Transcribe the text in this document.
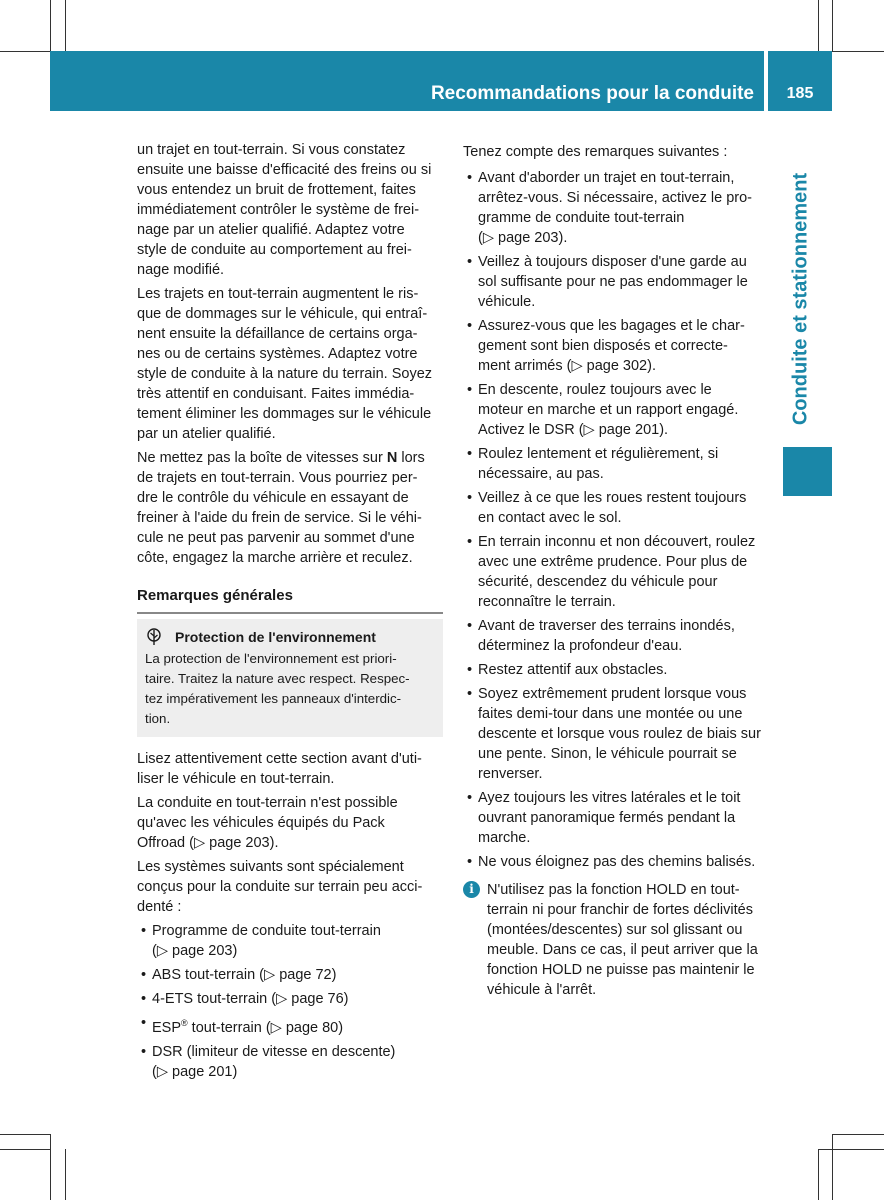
Recommandations pour la conduite	185
Conduite et stationnement

un trajet en tout-terrain. Si vous constatez
ensuite une baisse d'efficacité des freins ou si
vous entendez un bruit de frottement, faites
immédiatement contrôler le système de frei-
nage par un atelier qualifié. Adaptez votre
style de conduite au comportement au frei-
nage modifié.

Les trajets en tout-terrain augmentent le ris-
que de dommages sur le véhicule, qui entraî-
nent ensuite la défaillance de certains orga-
nes ou de certains systèmes. Adaptez votre
style de conduite à la nature du terrain. Soyez
très attentif en conduisant. Faites immédia-
tement éliminer les dommages sur le véhicule
par un atelier qualifié.

Ne mettez pas la boîte de vitesses sur N lors
de trajets en tout-terrain. Vous pourriez per-
dre le contrôle du véhicule en essayant de
freiner à l'aide du frein de service. Si le véhi-
cule ne peut pas parvenir au sommet d'une
côte, engagez la marche arrière et reculez.

Remarques générales
Protection de l'environnement
La protection de l'environnement est priori-
taire. Traitez la nature avec respect. Respec-
tez impérativement les panneaux d'interdic-
tion.

Lisez attentivement cette section avant d'uti-
liser le véhicule en tout-terrain.

La conduite en tout-terrain n'est possible
qu'avec les véhicules équipés du Pack
Offroad (▷ page 203).

Les systèmes suivants sont spécialement
conçus pour la conduite sur terrain peu acci-
denté :

• Programme de conduite tout-terrain
(▷ page 203)
• ABS tout-terrain (▷ page 72)
• 4-ETS tout-terrain (▷ page 76)
• ESP® tout-terrain (▷ page 80)
• DSR (limiteur de vitesse en descente)
(▷ page 201)

Tenez compte des remarques suivantes :

• Avant d'aborder un trajet en tout-terrain,
arrêtez-vous. Si nécessaire, activez le pro-
gramme de conduite tout-terrain
(▷ page 203).
• Veillez à toujours disposer d'une garde au
sol suffisante pour ne pas endommager le
véhicule.
• Assurez-vous que les bagages et le char-
gement sont bien disposés et correcte-
ment arrimés (▷ page 302).
• En descente, roulez toujours avec le
moteur en marche et un rapport engagé.
Activez le DSR (▷ page 201).
• Roulez lentement et régulièrement, si
nécessaire, au pas.
• Veillez à ce que les roues restent toujours
en contact avec le sol.
• En terrain inconnu et non découvert, roulez
avec une extrême prudence. Pour plus de
sécurité, descendez du véhicule pour
reconnaître le terrain.
• Avant de traverser des terrains inondés,
déterminez la profondeur d'eau.
• Restez attentif aux obstacles.
• Soyez extrêmement prudent lorsque vous
faites demi-tour dans une montée ou une
descente et lorsque vous roulez de biais sur
une pente. Sinon, le véhicule pourrait se
renverser.
• Ayez toujours les vitres latérales et le toit
ouvrant panoramique fermés pendant la
marche.
• Ne vous éloignez pas des chemins balisés.
i N'utilisez pas la fonction HOLD en tout-
terrain ni pour franchir de fortes déclivités
(montées/descentes) sur sol glissant ou
meuble. Dans ce cas, il peut arriver que la
fonction HOLD ne puisse pas maintenir le
véhicule à l'arrêt.
